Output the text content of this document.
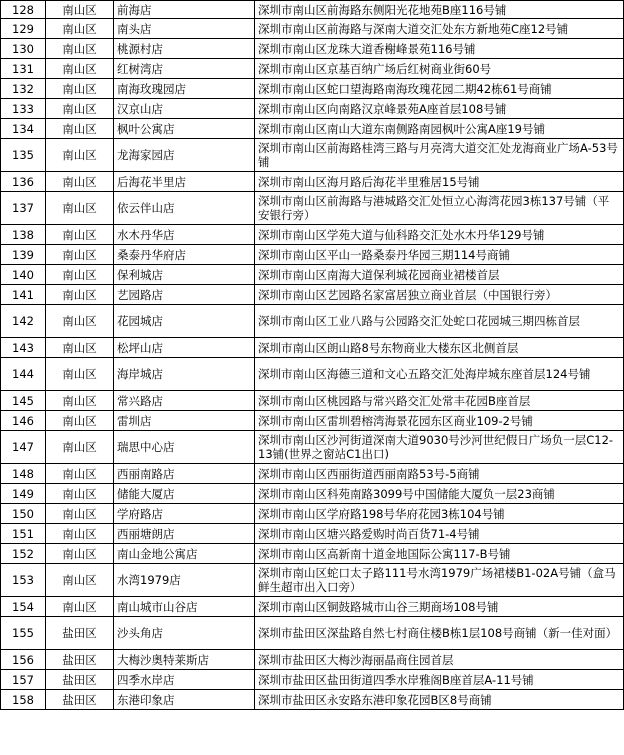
128	南山区	前海店	深圳市南山区前海路东侧阳光花地苑B座116号铺
129	南山区	南头店	深圳市南山区前海路与深南大道交汇处东方新地苑C座12号铺
130	南山区	桃源村店	深圳市南山区龙珠大道香榭峰景苑116号铺
131	南山区	红树湾店	深圳市南山区京基百纳广场后红树商业街60号
132	南山区	南海玫瑰园店	深圳市南山区蛇口望海路南海玫瑰花园二期42栋61号商铺
133	南山区	汉京山店	深圳市南山区向南路汉京峰景苑A座首层108号铺
134	南山区	枫叶公寓店	深圳市南山区南山大道东南侧路南园枫叶公寓A座19号铺
135	南山区	龙海家园店	深圳市南山区前海路桂湾三路与月亮湾大道交汇处龙海商业广场A-53号铺
136	南山区	后海花半里店	深圳市南山区海月路后海花半里雅居15号铺
137	南山区	依云伴山店	深圳市南山区前海路与港城路交汇处恒立心海湾花园3栋137号铺（平安银行旁）
138	南山区	水木丹华店	深圳市南山区学苑大道与仙科路交汇处水木丹华129号铺
139	南山区	桑泰丹华府店	深圳市南山区平山一路桑泰丹华园三期114号商铺
140	南山区	保利城店	深圳市南山区南海大道保利城花园商业裙楼首层
141	南山区	艺园路店	深圳市南山区艺园路名家富居独立商业首层（中国银行旁）
142	南山区	花园城店	深圳市南山区工业八路与公园路交汇处蛇口花园城三期四栋首层
143	南山区	松坪山店	深圳市南山区朗山路8号东物商业大楼东区北侧首层
144	南山区	海岸城店	深圳市南山区海德三道和文心五路交汇处海岸城东座首层124号铺
145	南山区	常兴路店	深圳市南山区桃园路与常兴路交汇处常丰花园B座首层
146	南山区	雷圳店	深圳市南山区雷圳碧榕湾海景花园东区商业109-2号铺
147	南山区	瑞思中心店	深圳市南山区沙河街道深南大道9030号沙河世纪假日广场负一层C12-13铺(世界之窗站C1出口)
148	南山区	西丽南路店	深圳市南山区西丽街道西丽南路53号-5商铺
149	南山区	储能大厦店	深圳市南山区科苑南路3099号中国储能大厦负一层23商铺
150	南山区	学府路店	深圳市南山区学府路198号华府花园3栋104号铺
151	南山区	西丽塘朗店	深圳市南山区塘兴路爱购时尚百货71-4号铺
152	南山区	南山金地公寓店	深圳市南山区高新南十道金地国际公寓117-B号铺
153	南山区	水湾1979店	深圳市南山区蛇口太子路111号水湾1979广场裙楼B1-02A号铺（盒马鲜生超市出入口旁）
154	南山区	南山城市山谷店	深圳市南山区铜鼓路城市山谷三期商场108号铺
155	盐田区	沙头角店	深圳市盐田区深盐路自然七村商住楼B栋1层108号商铺（新一佳对面）
156	盐田区	大梅沙奥特莱斯店	深圳市盐田区大梅沙海丽晶商住园首层
157	盐田区	四季水岸店	深圳市盐田区盐田街道四季水岸雅阁B座首层A-11号铺
158	盐田区	东港印象店	深圳市盐田区永安路东港印象花园B区8号商铺
